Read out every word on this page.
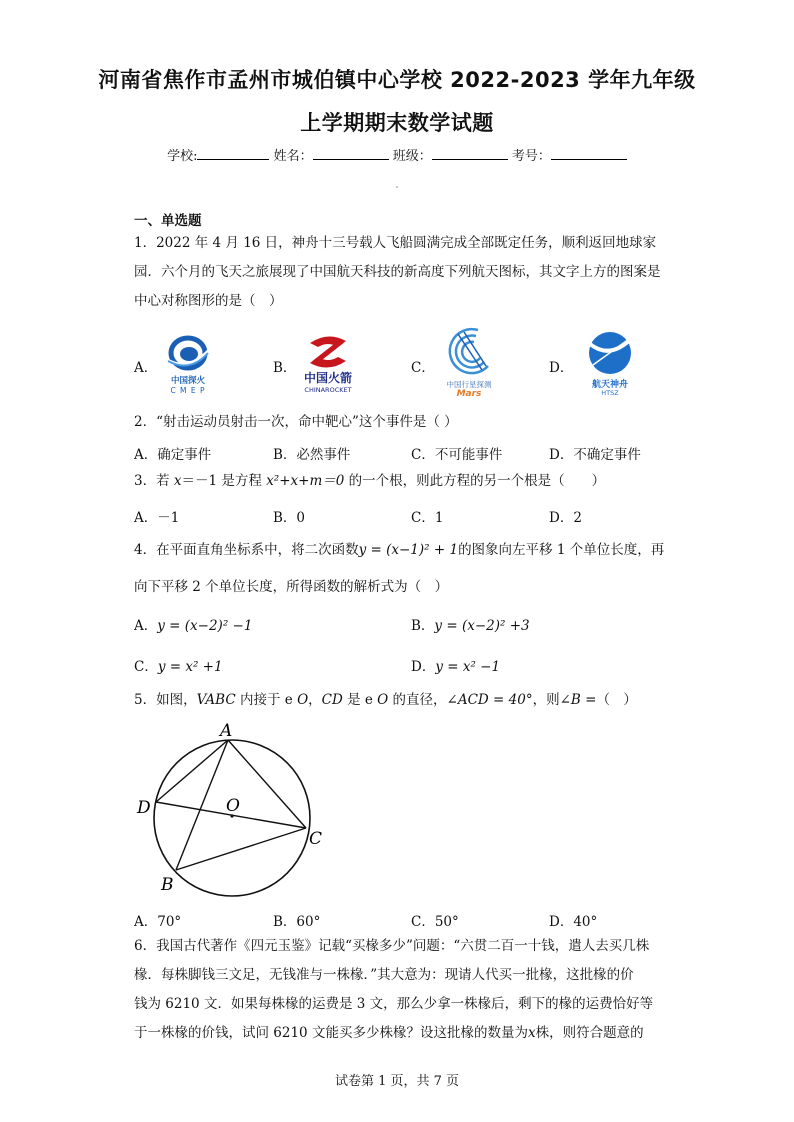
河南省焦作市孟州市城伯镇中心学校 2022-2023 学年九年级
上学期期末数学试题
学校:	姓名：	班级：	考号：
一、单选题
1．2022 年 4 月 16 日，神舟十三号载人飞船圆满完成全部既定任务，顺利返回地球家园．六个月的飞天之旅展现了中国航天科技的新高度下列航天图标，其文字上方的图案是中心对称图形的是（　）
A．
中国探火
C M E P
B．
中国火箭
CHINAROCKET
C．
中国行星探测
Mars
D．
航天神舟
HTSZ
2．“射击运动员射击一次，命中靶心”这个事件是（ ）
A．确定事件	B．必然事件	C．不可能事件	D．不确定事件
3．若 x＝－1 是方程 x²+x+m＝0 的一个根，则此方程的另一个根是（　　）
A．－1	B．0	C．1	D．2
4．在平面直角坐标系中，将二次函数y = (x−1)² + 1的图象向左平移 1 个单位长度，再
向下平移 2 个单位长度，所得函数的解析式为（　）
A．y = (x−2)² −1	B．y = (x−2)² +3
C．y = x² +1	D．y = x² −1
5．如图，VABC 内接于 e O，CD 是 e O 的直径，∠ACD = 40°，则∠B =（　）
A
B
C
D	O
A．70°	B．60°	C．50°	D．40°
6．我国古代著作《四元玉鉴》记载“买椽多少”问题：“六贯二百一十钱，遣人去买几株
椽．每株脚钱三文足，无钱准与一株椽．”其大意为：现请人代买一批椽，这批椽的价
钱为 6210 文．如果每株椽的运费是 3 文，那么少拿一株椽后，剩下的椽的运费恰好等
于一株椽的价钱，试问 6210 文能买多少株椽？设这批椽的数量为x株，则符合题意的
试卷第 1 页，共 7 页
